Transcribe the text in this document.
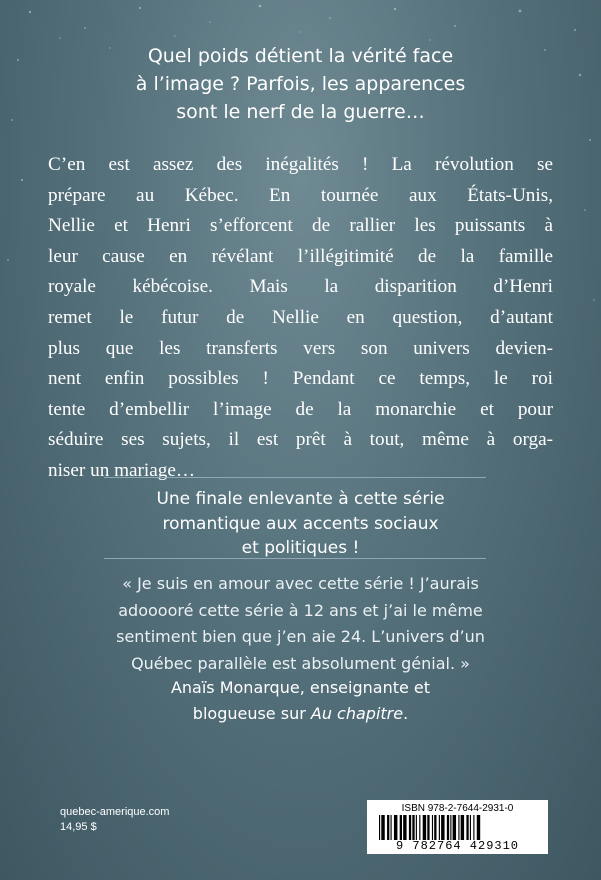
Quel poids détient la vérité face
à l’image ? Parfois, les apparences
sont le nerf de la guerre…
C’en est assez des inégalités ! La révolution se
prépare au Kébec. En tournée aux États-Unis,
Nellie et Henri s’efforcent de rallier les puissants à
leur cause en révélant l’illégitimité de la famille
royale kébécoise. Mais la disparition d’Henri
remet le futur de Nellie en question, d’autant
plus que les transferts vers son univers devien-
nent enfin possibles ! Pendant ce temps, le roi
tente d’embellir l’image de la monarchie et pour
séduire ses sujets, il est prêt à tout, même à orga-
niser un mariage…
Une finale enlevante à cette série
romantique aux accents sociaux
et politiques !
« Je suis en amour avec cette série ! J’aurais
adooooré cette série à 12 ans et j’ai le même
sentiment bien que j’en aie 24. L’univers d’un
Québec parallèle est absolument génial. »
Anaïs Monarque, enseignante et
blogueuse sur Au chapitre.
quebec-amerique.com
14,95 $
ISBN 978-2-7644-2931-0
9 782764 429310
